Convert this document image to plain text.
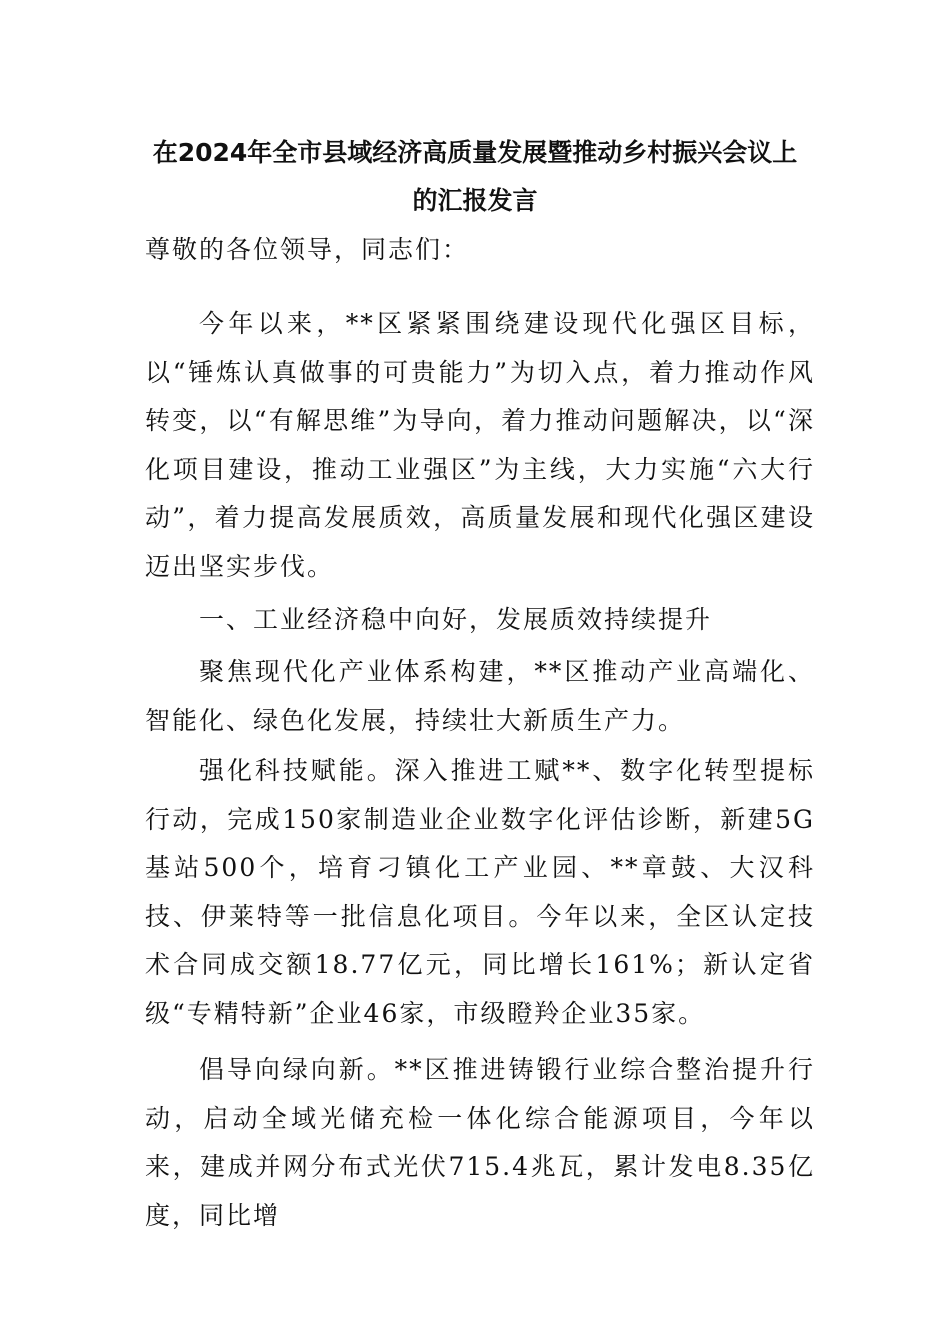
在2024年全市县域经济高质量发展暨推动乡村振兴会议上
的汇报发言

尊敬的各位领导，同志们：

今年以来，**区紧紧围绕建设现代化强区目标，以“锤炼认真做事的可贵能力”为切入点，着力推动作风转变，以“有解思维”为导向，着力推动问题解决，以“深化项目建设，推动工业强区”为主线，大力实施“六大行动”，着力提高发展质效，高质量发展和现代化强区建设迈出坚实步伐。

一、工业经济稳中向好，发展质效持续提升

聚焦现代化产业体系构建，**区推动产业高端化、智能化、绿色化发展，持续壮大新质生产力。

强化科技赋能。深入推进工赋**、数字化转型提标行动，完成150家制造业企业数字化评估诊断，新建5G基站500个，培育刁镇化工产业园、**章鼓、大汉科技、伊莱特等一批信息化项目。今年以来，全区认定技术合同成交额18.77亿元，同比增长161%；新认定省级“专精特新”企业46家，市级瞪羚企业35家。

倡导向绿向新。**区推进铸锻行业综合整治提升行动，启动全域光储充检一体化综合能源项目，今年以来，建成并网分布式光伏715.4兆瓦，累计发电8.35亿度，同比增
